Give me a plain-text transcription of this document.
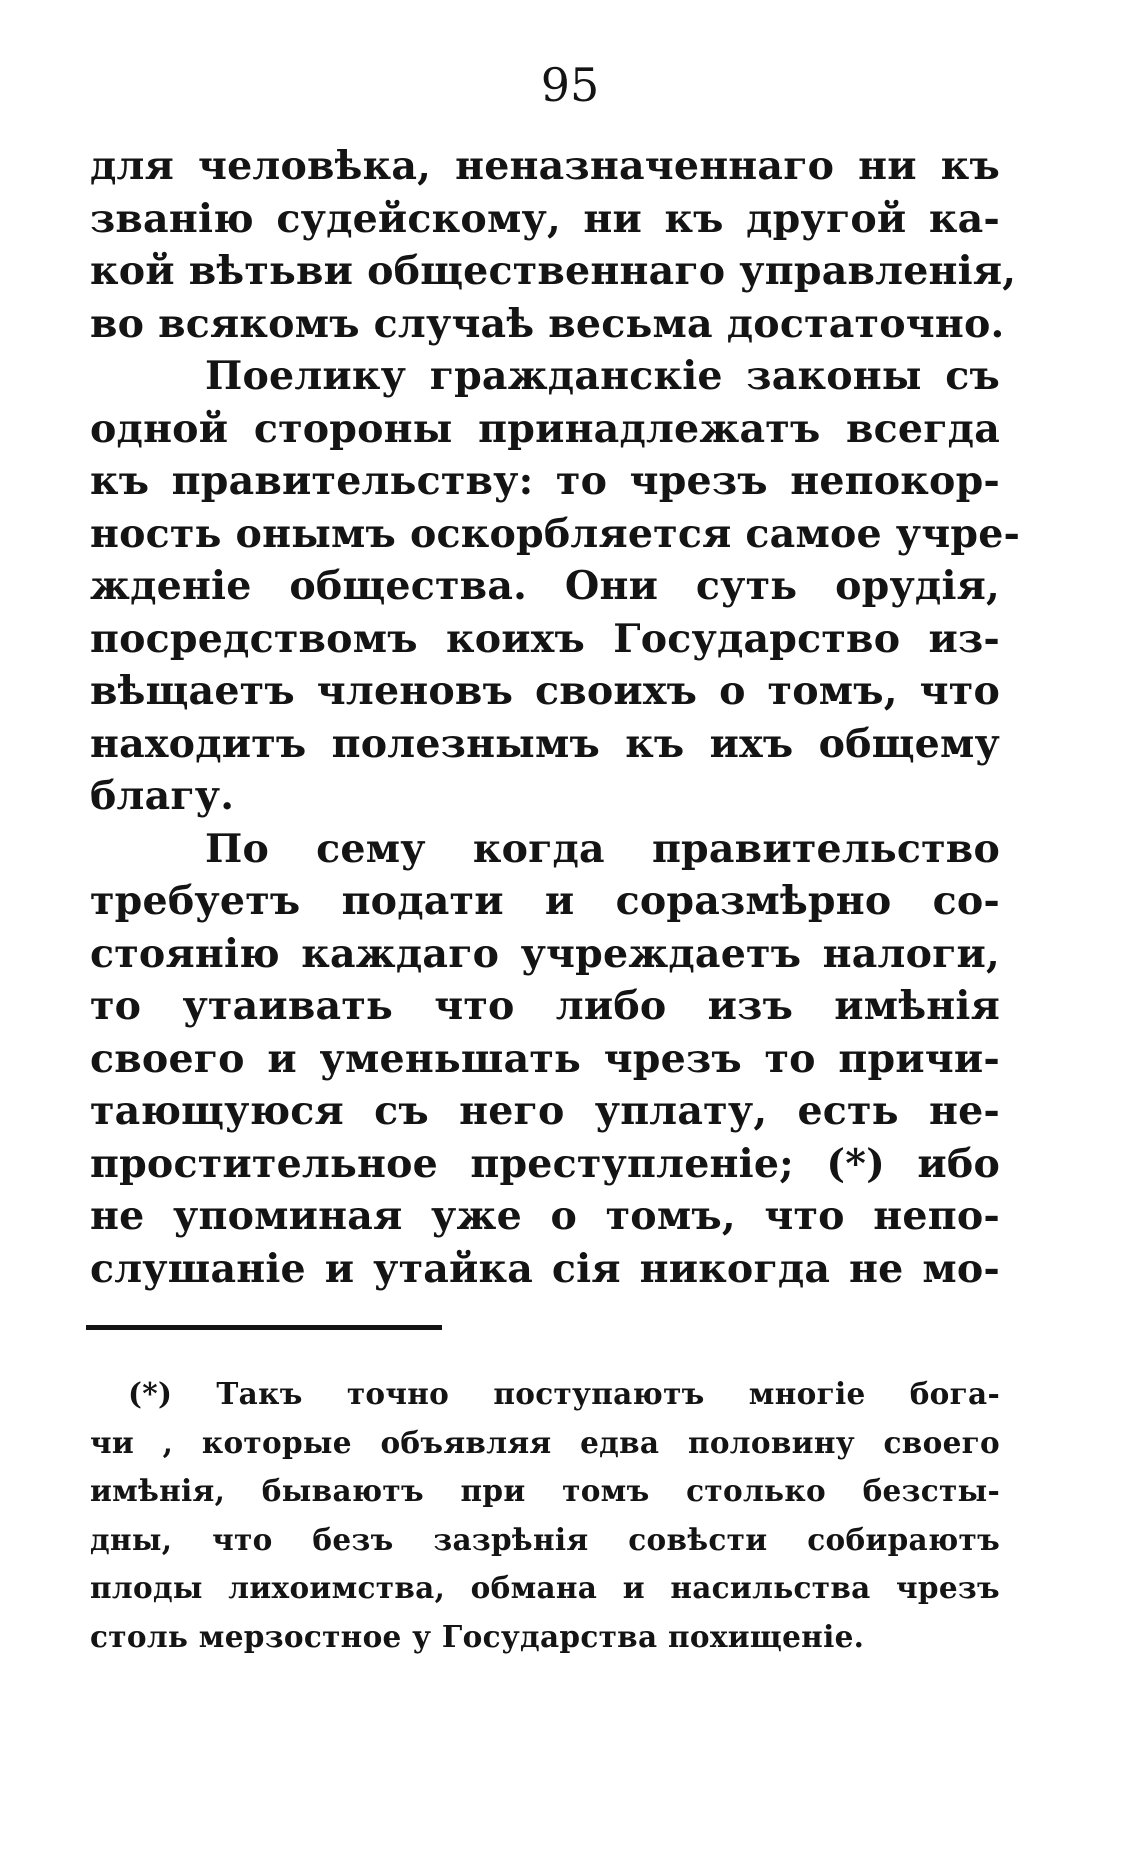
95
для человѣка, неназначеннаго ни къ
званію судейскому, ни къ другой ка-
кой вѣтьви общественнаго управленія,
во всякомъ случаѣ весьма достаточно.
Поелику гражданскіе законы съ
одной стороны принадлежатъ всегда
къ правительству: то чрезъ непокор-
ность онымъ оскорбляется самое учре-
жденіе общества. Они суть орудія,
посредствомъ коихъ Государство из-
вѣщаетъ членовъ своихъ о томъ, что
находитъ полезнымъ къ ихъ общему
благу.
По сему когда правительство
требуетъ подати и соразмѣрно со-
стоянію каждаго учреждаетъ налоги,
то утаивать что либо изъ имѣнія
своего и уменьшать чрезъ то причи-
тающуюся съ него уплату, есть не-
простительное преступленіе; (*) ибо
не упоминая уже о томъ, что непо-
слушаніе и утайка сія никогда не мо-
(*) Такъ точно поступаютъ многіе бога-
чи , которые объявляя едва половину своего
имѣнія, бываютъ при томъ столько безсты-
дны, что безъ зазрѣнія совѣсти собираютъ
плоды лихоимства, обмана и насильства чрезъ
столь мерзостное у Государства похищеніе.
